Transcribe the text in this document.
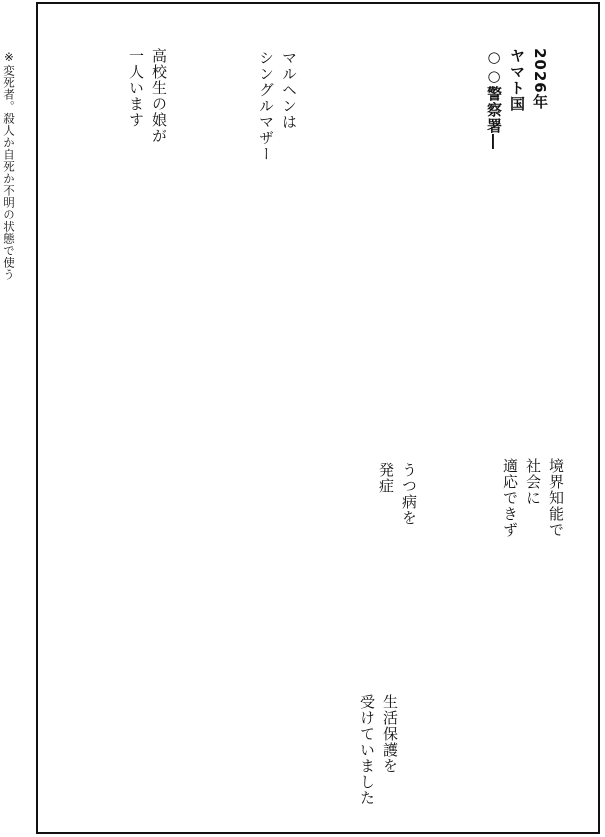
※変死者。殺人か自死か不明の状態で使う	2026年
ヤマト国
○○警察署―
マルヘンは
シングルマザー
高校生の娘が
一人います
境界知能で
社会に
適応できず
うつ病を
発症
生活保護を
受けていました
